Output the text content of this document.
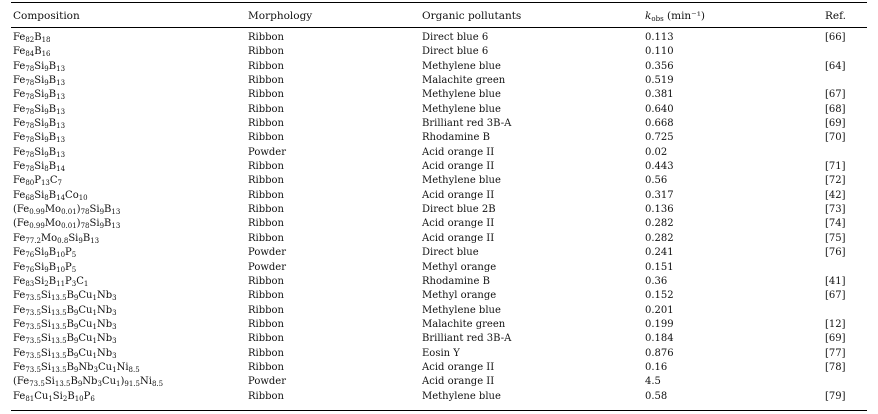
Composition	Morphology	Organic pollutants	$k_{obs}$ (min⁻¹)	Ref.
$Fe_{82}B_{18}$	Ribbon	Direct blue 6	0.113	[66]
$Fe_{84}B_{16}$	Ribbon	Direct blue 6	0.110	
$Fe_{78}Si_9B_{13}$	Ribbon	Methylene blue	0.356	[64]
$Fe_{78}Si_9B_{13}$	Ribbon	Malachite green	0.519	
$Fe_{78}Si_9B_{13}$	Ribbon	Methylene blue	0.381	[67]
$Fe_{78}Si_9B_{13}$	Ribbon	Methylene blue	0.640	[68]
$Fe_{78}Si_9B_{13}$	Ribbon	Brilliant red 3B-A	0.668	[69]
$Fe_{78}Si_9B_{13}$	Ribbon	Rhodamine B	0.725	[70]
$Fe_{78}Si_9B_{13}$	Powder	Acid orange II	0.02	
$Fe_{78}Si_8B_{14}$	Ribbon	Acid orange II	0.443	[71]
$Fe_{80}P_{13}C_7$	Ribbon	Methylene blue	0.56	[72]
$Fe_{68}Si_8B_{14}Co_{10}$	Ribbon	Acid orange II	0.317	[42]
$(Fe_{0.99}Mo_{0.01})_{78}Si_9B_{13}$	Ribbon	Direct blue 2B	0.136	[73]
$(Fe_{0.99}Mo_{0.01})_{78}Si_9B_{13}$	Ribbon	Acid orange II	0.282	[74]
$Fe_{77.2}Mo_{0.8}Si_9B_{13}$	Ribbon	Acid orange II	0.282	[75]
$Fe_{76}Si_9B_{10}P_5$	Powder	Direct blue	0.241	[76]
$Fe_{76}Si_9B_{10}P_5$	Powder	Methyl orange	0.151	
$Fe_{83}Si_2B_{11}P_3C_1$	Ribbon	Rhodamine B	0.36	[41]
$Fe_{73.5}Si_{13.5}B_9Cu_1Nb_3$	Ribbon	Methyl orange	0.152	[67]
$Fe_{73.5}Si_{13.5}B_9Cu_1Nb_3$	Ribbon	Methylene blue	0.201	
$Fe_{73.5}Si_{13.5}B_9Cu_1Nb_3$	Ribbon	Malachite green	0.199	[12]
$Fe_{73.5}Si_{13.5}B_9Cu_1Nb_3$	Ribbon	Brilliant red 3B-A	0.184	[69]
$Fe_{73.5}Si_{13.5}B_9Cu_1Nb_3$	Ribbon	Eosin Y	0.876	[77]
$Fe_{73.5}Si_{13.5}B_9Nb_3Cu_1Ni_{8.5}$	Ribbon	Acid orange II	0.16	[78]
$(Fe_{73.5}Si_{13.5}B_9Nb_3Cu_1)_{91.5}Ni_{8.5}$	Powder	Acid orange II	4.5	
$Fe_{81}Cu_1Si_2B_{10}P_6$	Ribbon	Methylene blue	0.58	[79]
